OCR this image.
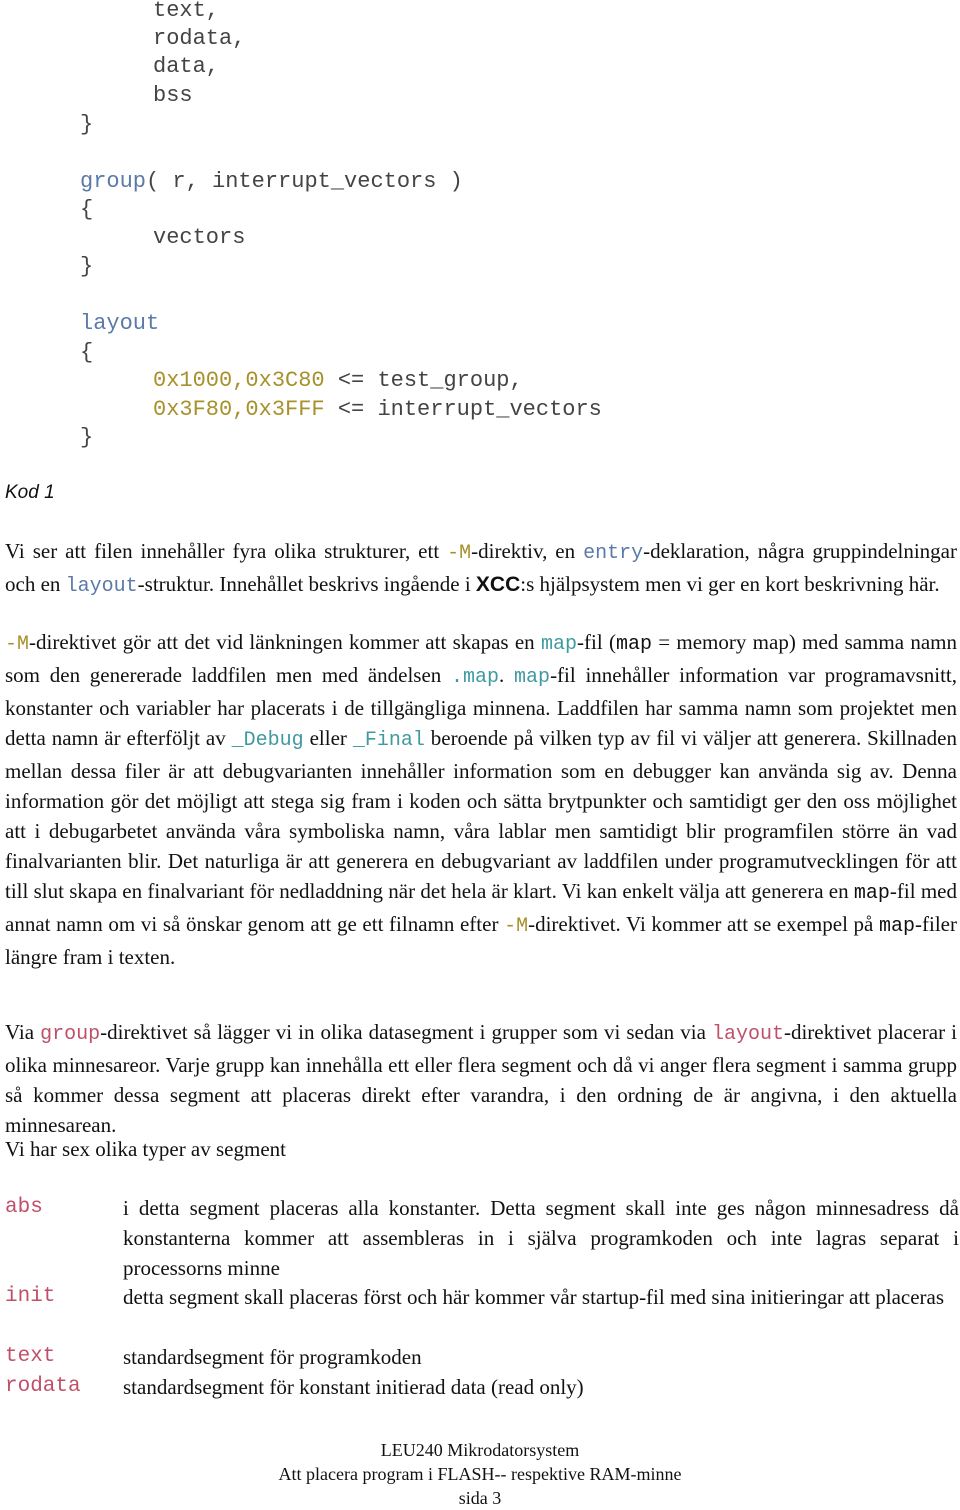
text,
rodata,
data,
bss
}
group( r, interrupt_vectors )
{
vectors
}
layout
{
0x1000,0x3C80 <= test_group,
0x3F80,0x3FFF <= interrupt_vectors
}
Kod 1
Vi ser att filen innehåller fyra olika strukturer, ett -M-direktiv, en entry-deklaration, några gruppindelningar och en layout-struktur. Innehållet beskrivs ingående i XCC:s hjälpsystem men vi ger en kort beskrivning här.
-M-direktivet gör att det vid länkningen kommer att skapas en map-fil (map = memory map) med samma namn som den genererade laddfilen men med ändelsen .map. map-fil innehåller information var programavsnitt, konstanter och variabler har placerats i de tillgängliga minnena. Laddfilen har samma namn som projektet men detta namn är efterföljt av _Debug eller _Final beroende på vilken typ av fil vi väljer att generera. Skillnaden mellan dessa filer är att debugvarianten innehåller information som en debugger kan använda sig av. Denna information gör det möjligt att stega sig fram i koden och sätta brytpunkter och samtidigt ger den oss möjlighet att i debugarbetet använda våra symboliska namn, våra lablar men samtidigt blir programfilen större än vad finalvarianten blir. Det naturliga är att generera en debugvariant av laddfilen under programutvecklingen för att till slut skapa en finalvariant för nedladdning när det hela är klart. Vi kan enkelt välja att generera en map-fil med annat namn om vi så önskar genom att ge ett filnamn efter -M-direktivet. Vi kommer att se exempel på map-filer längre fram i texten.
Via group-direktivet så lägger vi in olika datasegment i grupper som vi sedan via layout-direktivet placerar i olika minnesareor. Varje grupp kan innehålla ett eller flera segment och då vi anger flera segment i samma grupp så kommer dessa segment att placeras direkt efter varandra, i den ordning de är angivna, i den aktuella minnesarean.
Vi har sex olika typer av segment
abs	i detta segment placeras alla konstanter. Detta segment skall inte ges någon minnesadress då konstanterna kommer att assembleras in i själva programkoden och inte lagras separat i processorns minne
init	detta segment skall placeras först och här kommer vår startup-fil med sina initieringar att placeras
text	standardsegment för programkoden
rodata standardsegment för konstant initierad data (read only)
LEU240 Mikrodatorsystem
Att placera program i FLASH-- respektive RAM-minne
sida 3
